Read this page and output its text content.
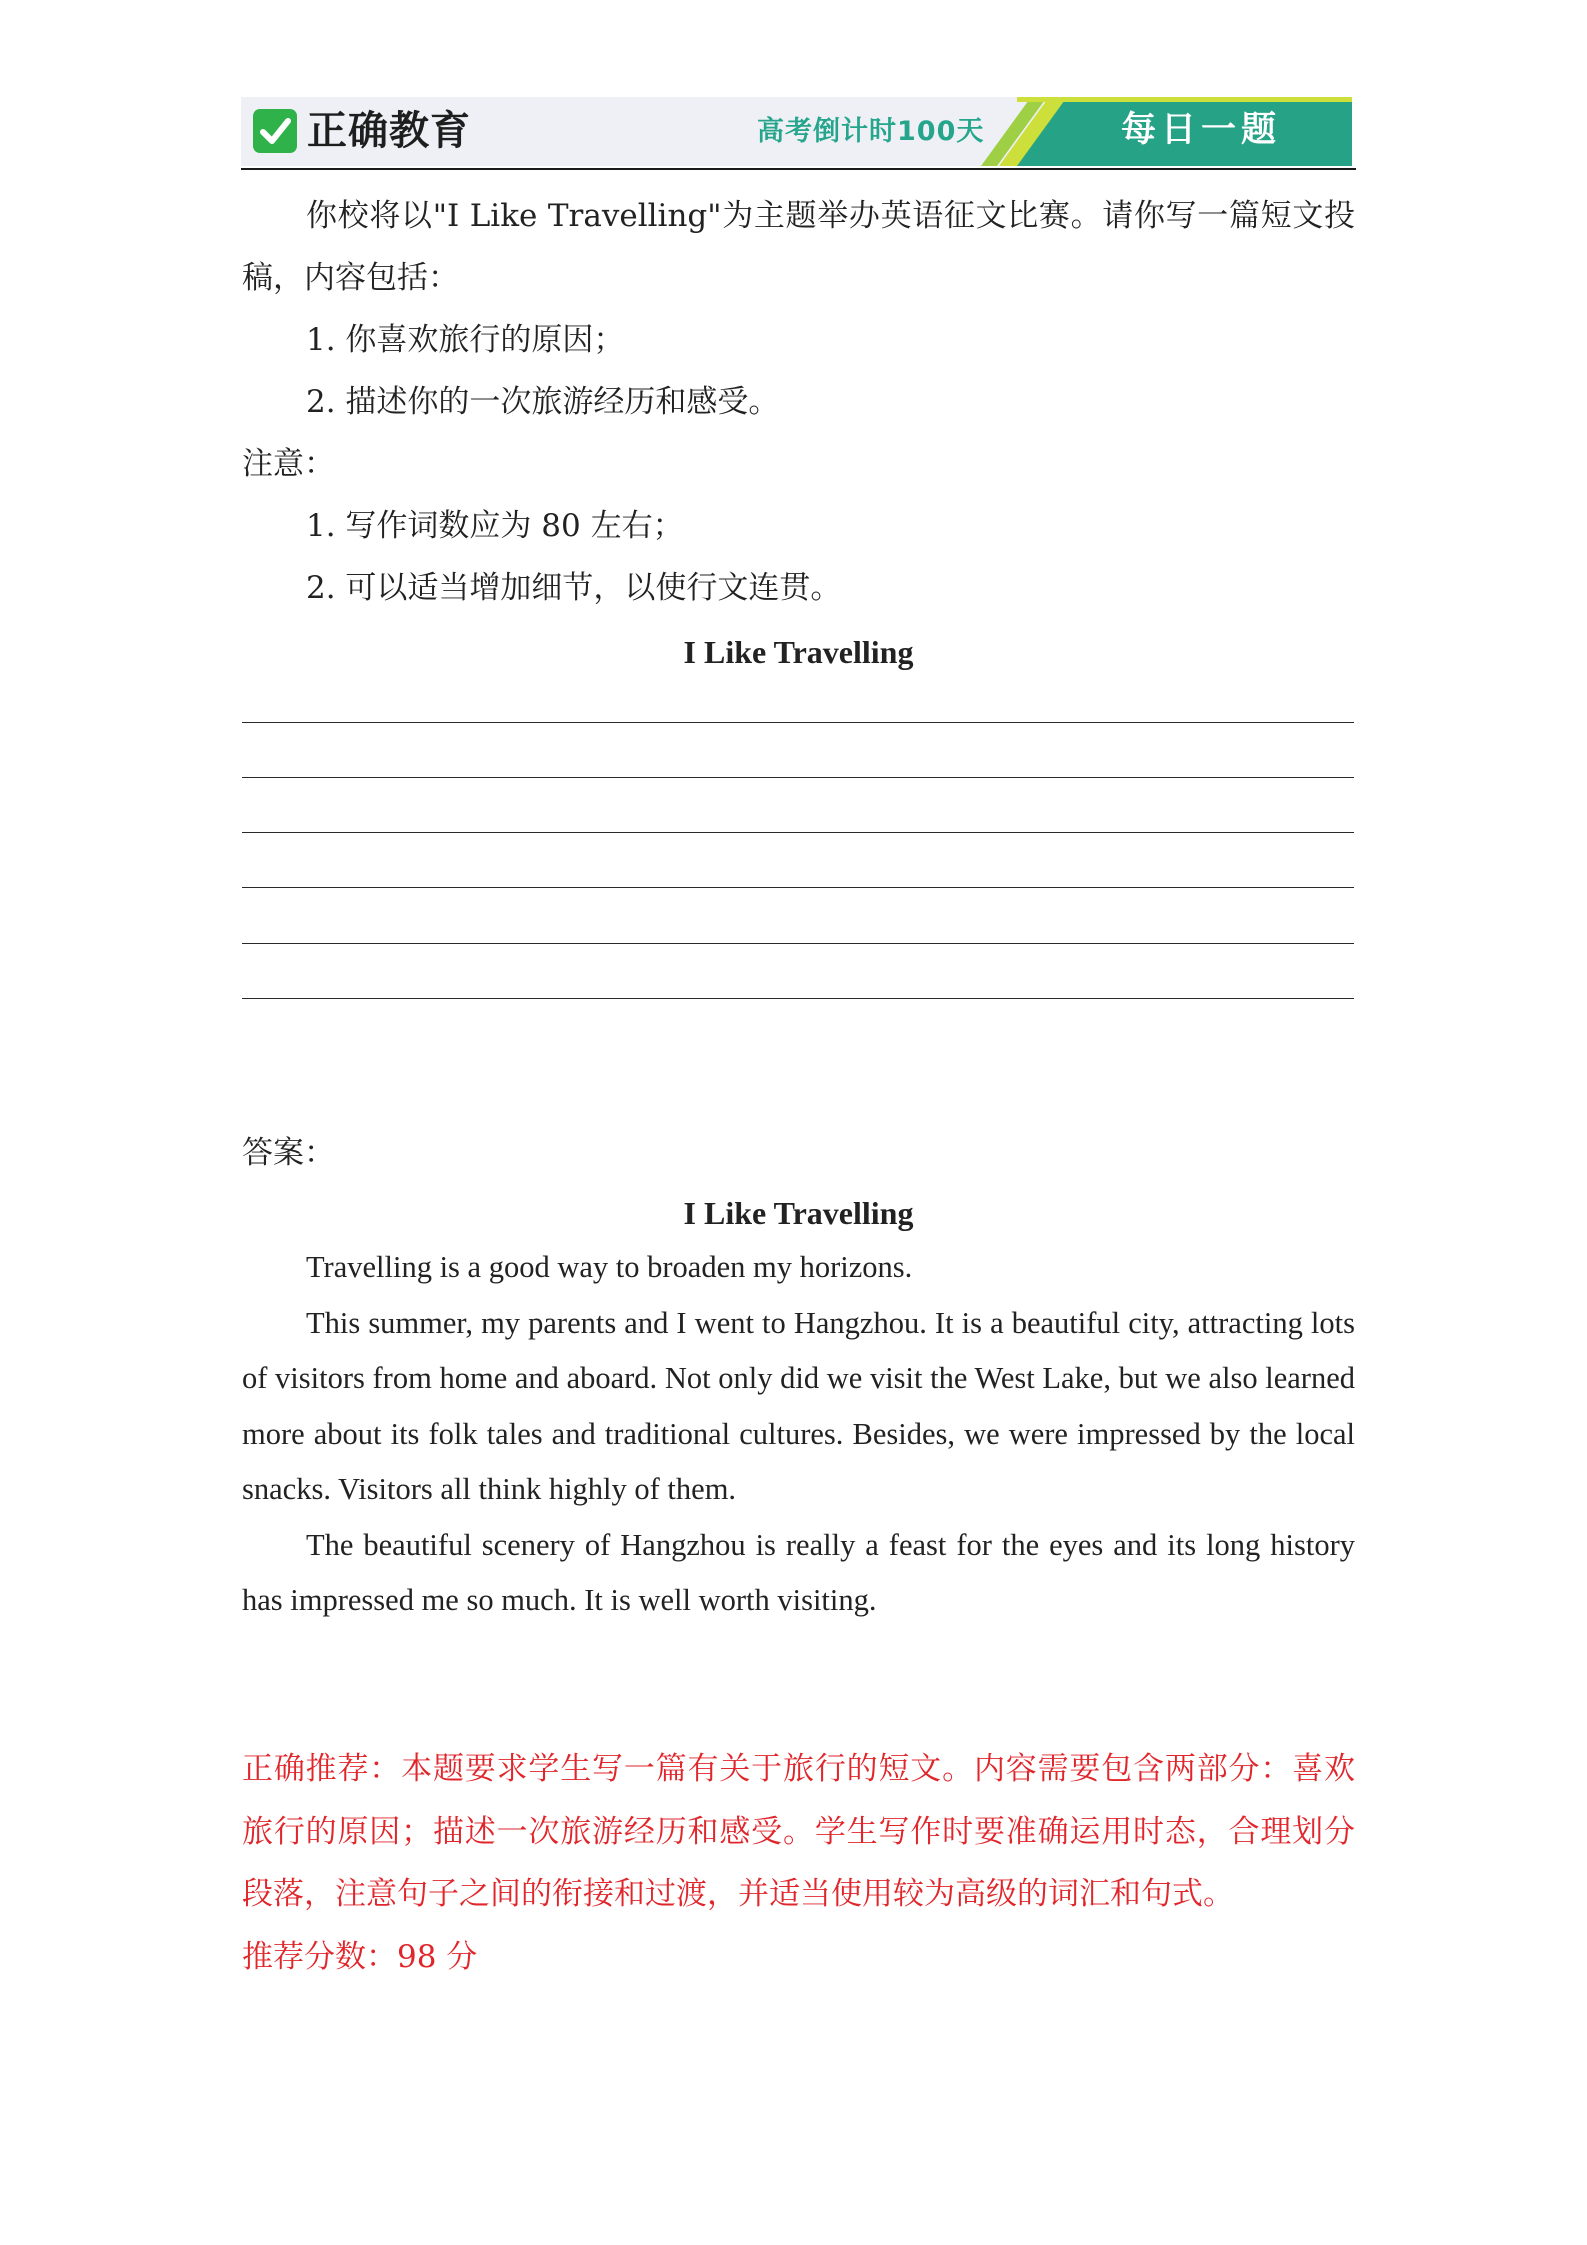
正确教育	高考倒计时100天	每日一题

你校将以"I Like Travelling"为主题举办英语征文比赛。请你写一篇短文投稿，内容包括：

1. 你喜欢旅行的原因；

2. 描述你的一次旅游经历和感受。

注意：

1. 写作词数应为 80 左右；

2. 可以适当增加细节，以使行文连贯。

I Like Travelling

答案：

I Like Travelling

Travelling is a good way to broaden my horizons.

This summer, my parents and I went to Hangzhou. It is a beautiful city, attracting lots of visitors from home and aboard. Not only did we visit the West Lake, but we also learned more about its folk tales and traditional cultures. Besides, we were impressed by the local snacks. Visitors all think highly of them.

The beautiful scenery of Hangzhou is really a feast for the eyes and its long history has impressed me so much. It is well worth visiting.

正确推荐：本题要求学生写一篇有关于旅行的短文。内容需要包含两部分：喜欢旅行的原因；描述一次旅游经历和感受。学生写作时要准确运用时态，合理划分段落，注意句子之间的衔接和过渡，并适当使用较为高级的词汇和句式。

推荐分数：98 分
